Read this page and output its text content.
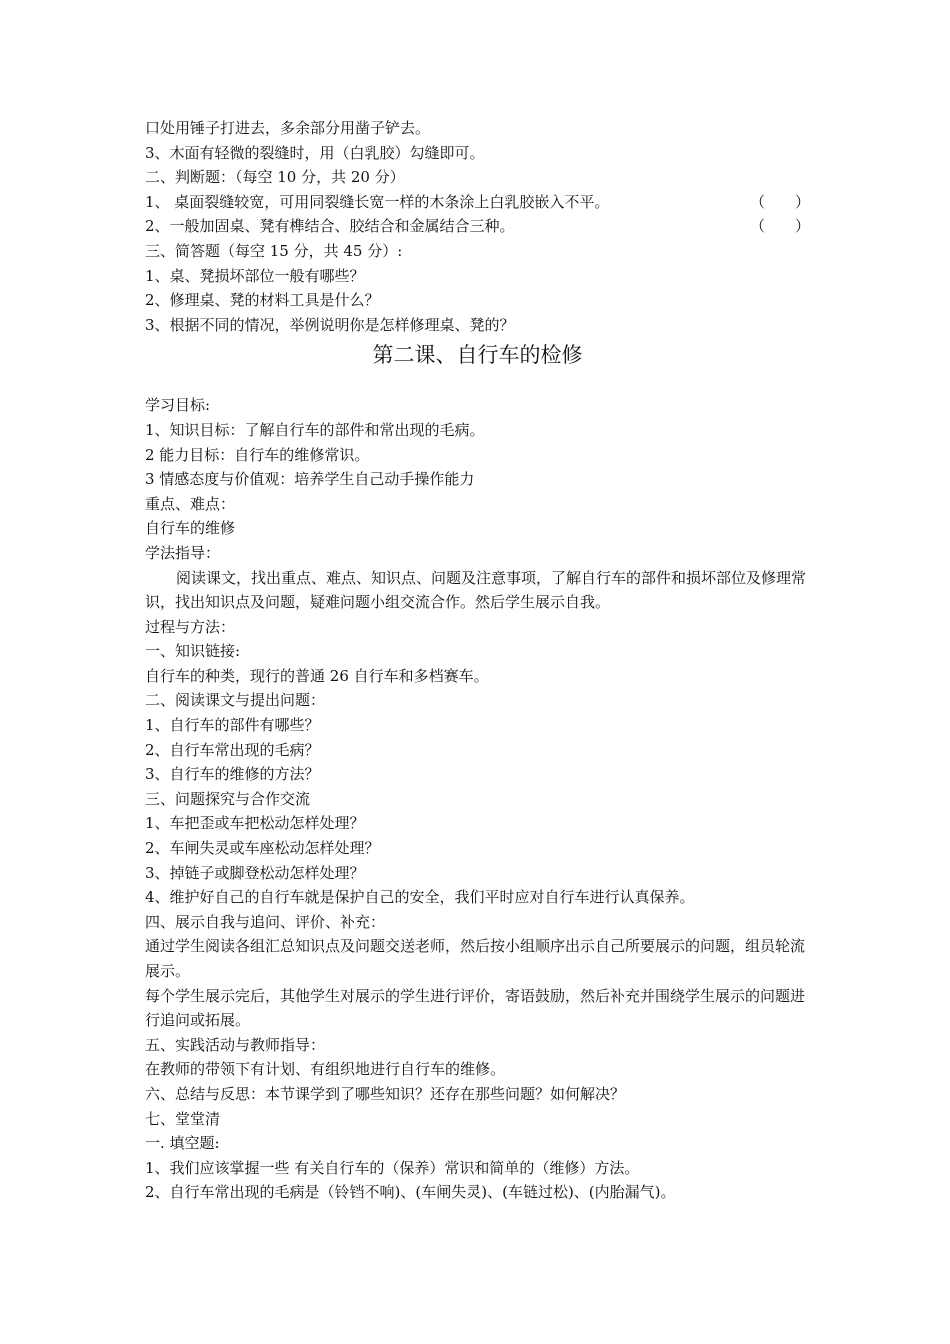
口处用锤子打进去，多余部分用凿子铲去。
3、木面有轻微的裂缝时，用（白乳胶）勾缝即可。
二、判断题：（每空 10 分，共 20 分）
1、 桌面裂缝较宽，可用同裂缝长宽一样的木条涂上白乳胶嵌入不平。	（　　）
2、一般加固桌、凳有榫结合、胶结合和金属结合三种。	（　　）
三、简答题（每空 15 分，共 45 分）:
1、桌、凳损坏部位一般有哪些？
2、修理桌、凳的材料工具是什么？
3、根据不同的情况，举例说明你是怎样修理桌、凳的？
第二课、自行车的检修
学习目标:
1、知识目标：了解自行车的部件和常出现的毛病。
2 能力目标：自行车的维修常识。
3 情感态度与价值观：培养学生自己动手操作能力
重点、难点：
自行车的维修
学法指导：
阅读课文，找出重点、难点、知识点、问题及注意事项，了解自行车的部件和损坏部位及修理常识，找出知识点及问题，疑难问题小组交流合作。然后学生展示自我。
过程与方法：
一、知识链接:
自行车的种类，现行的普通 26 自行车和多档赛车。
二、阅读课文与提出问题：
1、自行车的部件有哪些？
2、自行车常出现的毛病？
3、自行车的维修的方法？
三、问题探究与合作交流
1、车把歪或车把松动怎样处理？
2、车闸失灵或车座松动怎样处理？
3、掉链子或脚登松动怎样处理？
4、维护好自己的自行车就是保护自己的安全，我们平时应对自行车进行认真保养。
四、展示自我与追问、评价、补充：
通过学生阅读各组汇总知识点及问题交送老师，然后按小组顺序出示自己所要展示的问题，组员轮流展示。
每个学生展示完后，其他学生对展示的学生进行评价，寄语鼓励，然后补充并围绕学生展示的问题进行追问或拓展。
五、实践活动与教师指导：
在教师的带领下有计划、有组织地进行自行车的维修。
六、总结与反思：本节课学到了哪些知识？还存在那些问题？如何解决？
七、堂堂清
一. 填空题:
1、我们应该掌握一些 有关自行车的（保养）常识和简单的（维修）方法。
2、自行车常出现的毛病是（铃铛不响)、(车闸失灵)、(车链过松)、(内胎漏气)。
